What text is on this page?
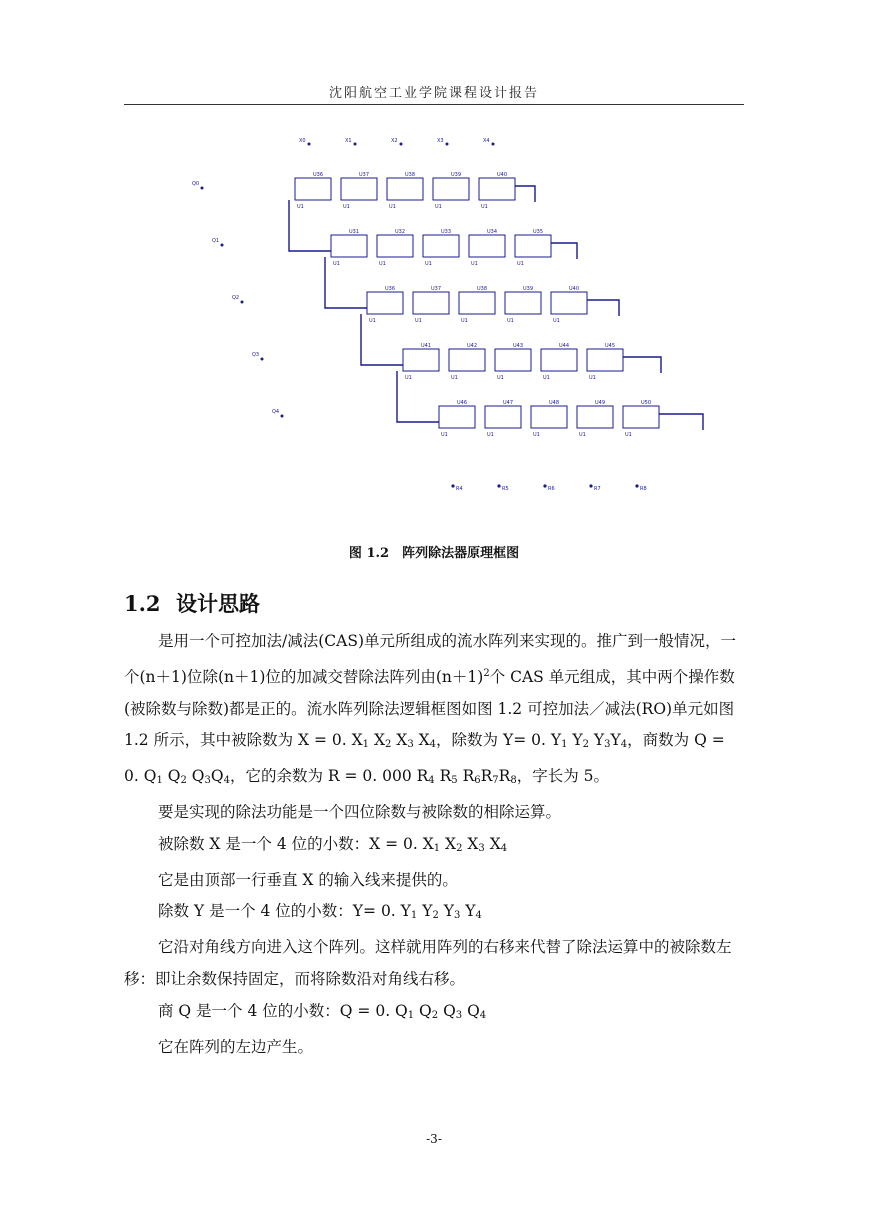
沈阳航空工业学院课程设计报告
X0	X1	X2	X3	X4
Q0
U36
U1
U37
U1
U38
U1
U39
U1
U40
U1
Q1
U31
U1
U32
U1
U33
U1
U34
U1
U35
U1
Q2
U36
U1
U37
U1
U38
U1
U39
U1
U40
U1
Q3
U41
U1
U42
U1
U43
U1
U44
U1
U45
U1
Q4
U46
U1
U47
U1
U48
U1
U49
U1
U50
U1
R4	R5	R6	R7	R8
图 1.2　阵列除法器原理框图
1.2 设计思路

是用一个可控加法/减法(CAS)单元所组成的流水阵列来实现的。推广到一般情况，一个(n＋1)位除(n＋1)位的加减交替除法阵列由$(n+1)^2$个 CAS 单元组成，其中两个操作数(被除数与除数)都是正的。流水阵列除法逻辑框图如图 1.2 可控加法／减法(RO)单元如图 1.2 所示，其中被除数为 X = 0. $X_1$ $X_2$ $X_3$ $X_4$，除数为 Y= 0. $Y_1$ $Y_2$ $Y_3Y_4$，商数为 Q = 0. $Q_1$ $Q_2$ $Q_3Q_4$，它的余数为 R = 0. 000 $R_4$ $R_5$ $R_6R_7R_8$，字长为 5。

要是实现的除法功能是一个四位除数与被除数的相除运算。

被除数 X 是一个 4 位的小数：X = 0. $X_1$ $X_2$ $X_3$ $X_4$

它是由顶部一行垂直 X 的输入线来提供的。

除数 Y 是一个 4 位的小数：Y= 0. $Y_1$ $Y_2$ $Y_3$ $Y_4$

它沿对角线方向进入这个阵列。这样就用阵列的右移来代替了除法运算中的被除数左移：即让余数保持固定，而将除数沿对角线右移。

商 Q 是一个 4 位的小数：Q = 0. $Q_1$ $Q_2$ $Q_3$ $Q_4$

它在阵列的左边产生。

-3-
